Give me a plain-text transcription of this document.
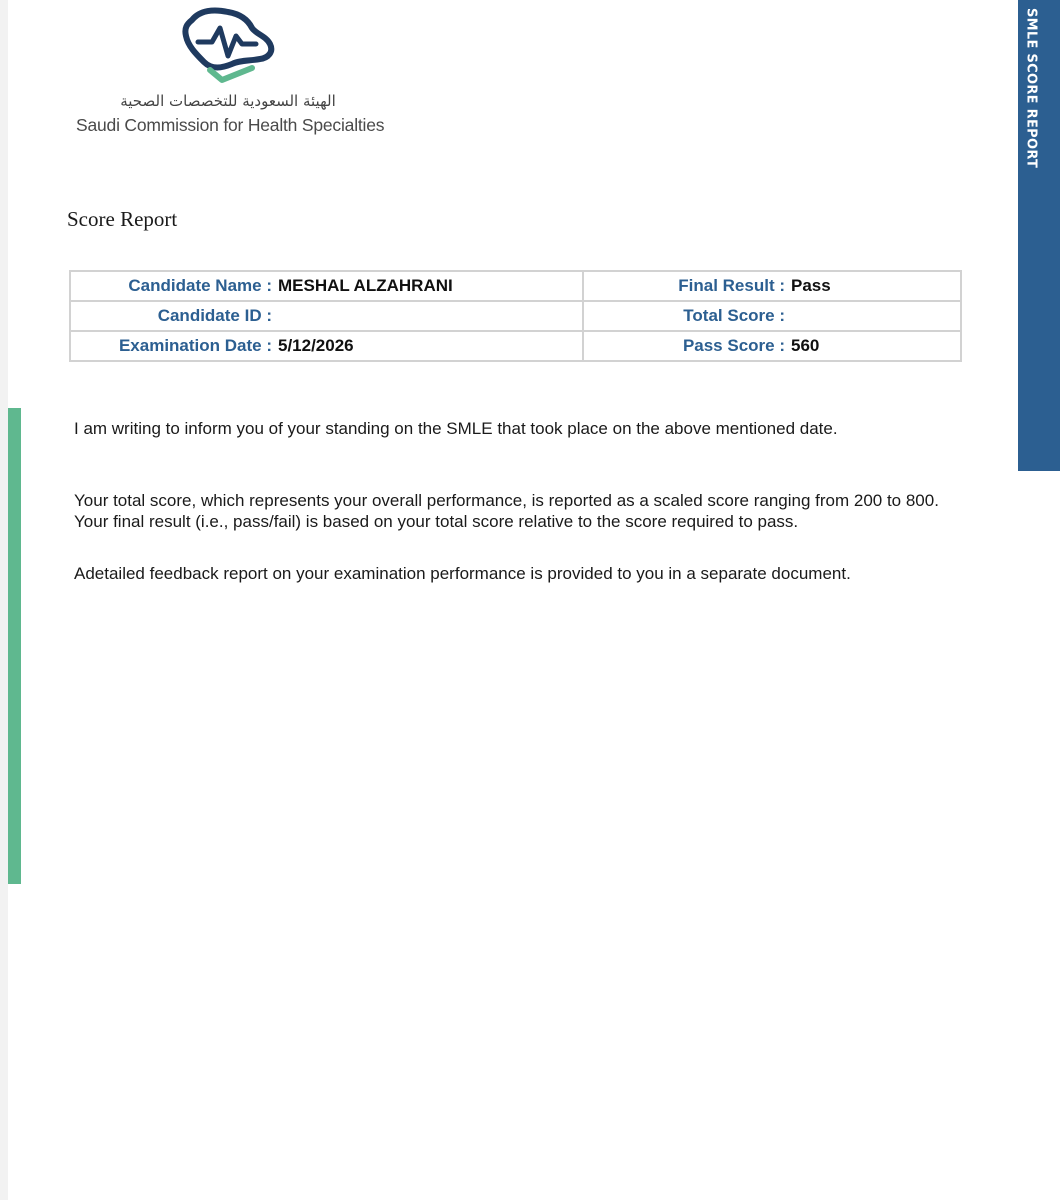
الهيئة السعودية للتخصصات الصحية
Saudi Commission for Health Specialties
Score Report
Candidate Name : MESHAL ALZAHRANI	Final Result : Pass

Candidate ID :	Total Score :

Examination Date : 5/12/2026	Pass Score : 560
I am writing to inform you of your standing on the SMLE that took place on the above mentioned date.
Your total score, which represents your overall performance, is reported as a scaled score ranging from 200 to 800. Your final result (i.e., pass/fail) is based on your total score relative to the score required to pass.
Adetailed feedback report on your examination performance is provided to you in a separate document.
SMLE SCORE REPORT
